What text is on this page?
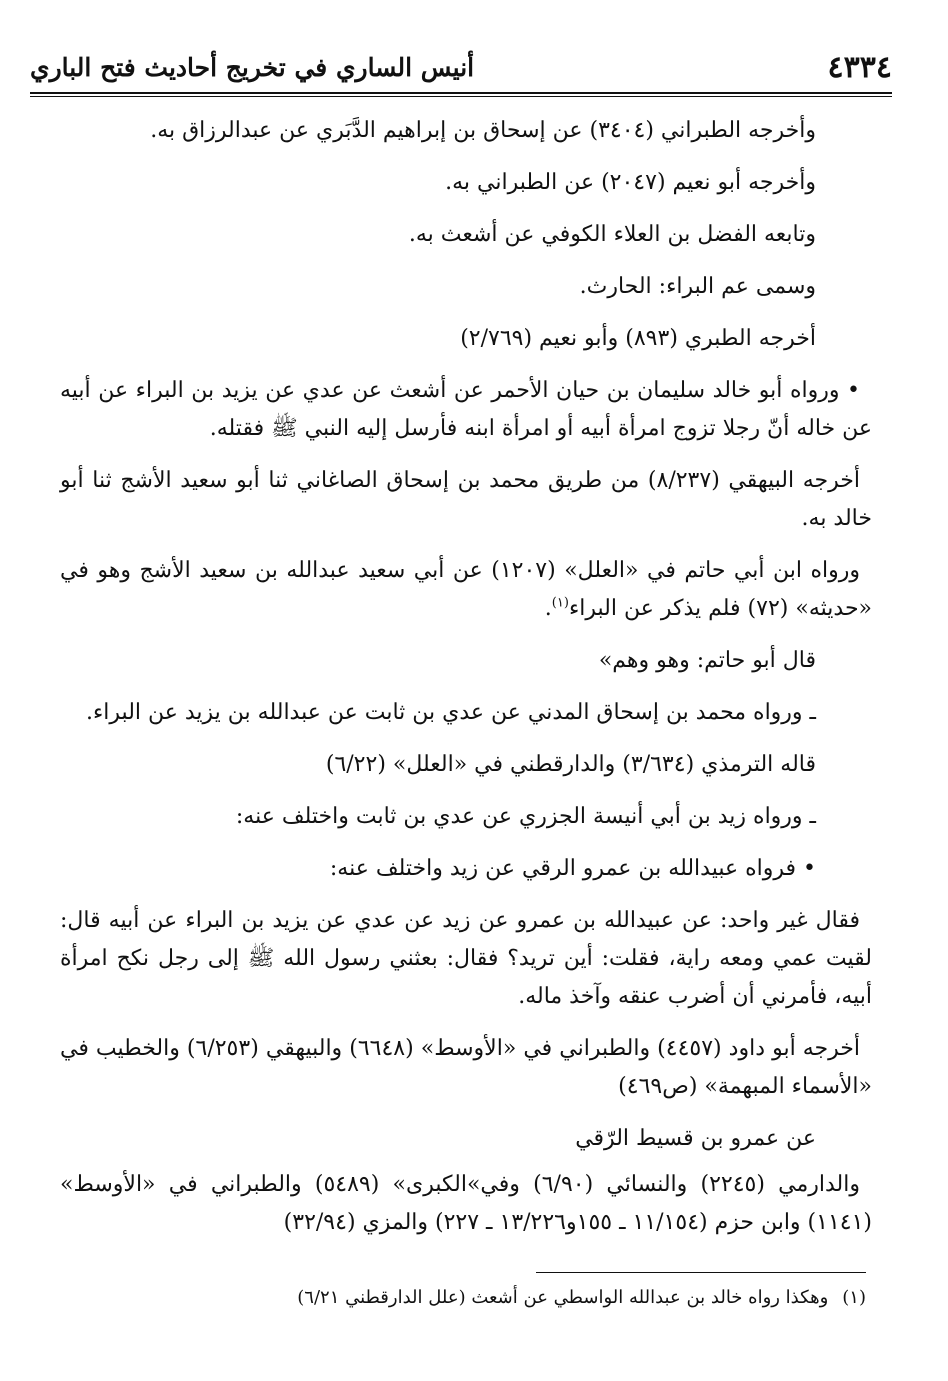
٤٣٣٤
أنيس الساري في تخريج أحاديث فتح الباري

وأخرجه الطبراني (٣٤٠٤) عن إسحاق بن إبراهيم الدَّبَري عن عبدالرزاق به.

وأخرجه أبو نعيم (٢٠٤٧) عن الطبراني به.

وتابعه الفضل بن العلاء الكوفي عن أشعث به.

وسمى عم البراء: الحارث.

أخرجه الطبري (٨٩٣) وأبو نعيم (٢/٧٦٩)

• ورواه أبو خالد سليمان بن حيان الأحمر عن أشعث عن عدي عن يزيد بن البراء عن أبيه عن خاله أنّ رجلا تزوج امرأة أبيه أو امرأة ابنه فأرسل إليه النبي ﷺ فقتله.

أخرجه البيهقي (٨/٢٣٧) من طريق محمد بن إسحاق الصاغاني ثنا أبو سعيد الأشج ثنا أبو خالد به.

ورواه ابن أبي حاتم في «العلل» (١٢٠٧) عن أبي سعيد عبدالله بن سعيد الأشج وهو في «حديثه» (٧٢) فلم يذكر عن البراء$^{(١)}$.

قال أبو حاتم: وهو وهم»

ـ ورواه محمد بن إسحاق المدني عن عدي بن ثابت عن عبدالله بن يزيد عن البراء.

قاله الترمذي (٣/٦٣٤) والدارقطني في «العلل» (٦/٢٢)

ـ ورواه زيد بن أبي أنيسة الجزري عن عدي بن ثابت واختلف عنه:

• فرواه عبيدالله بن عمرو الرقي عن زيد واختلف عنه:

فقال غير واحد: عن عبيدالله بن عمرو عن زيد عن عدي عن يزيد بن البراء عن أبيه قال: لقيت عمي ومعه راية، فقلت: أين تريد؟ فقال: بعثني رسول الله ﷺ إلى رجل نكح امرأة أبيه، فأمرني أن أضرب عنقه وآخذ ماله.

أخرجه أبو داود (٤٤٥٧) والطبراني في «الأوسط» (٦٦٤٨) والبيهقي (٦/٢٥٣) والخطيب في «الأسماء المبهمة» (ص٤٦٩)

عن عمرو بن قسيط الرّقي

والدارمي (٢٢٤٥) والنسائي (٦/٩٠) وفي»الكبرى» (٥٤٨٩) والطبراني في «الأوسط» (١١٤١) وابن حزم (١١/١٥٤ ـ ١٥٥و١٣/٢٢٦ ـ ٢٢٧) والمزي (٣٢/٩٤)

(١)وهكذا رواه خالد بن عبدالله الواسطي عن أشعث (علل الدارقطني ٦/٢١)
